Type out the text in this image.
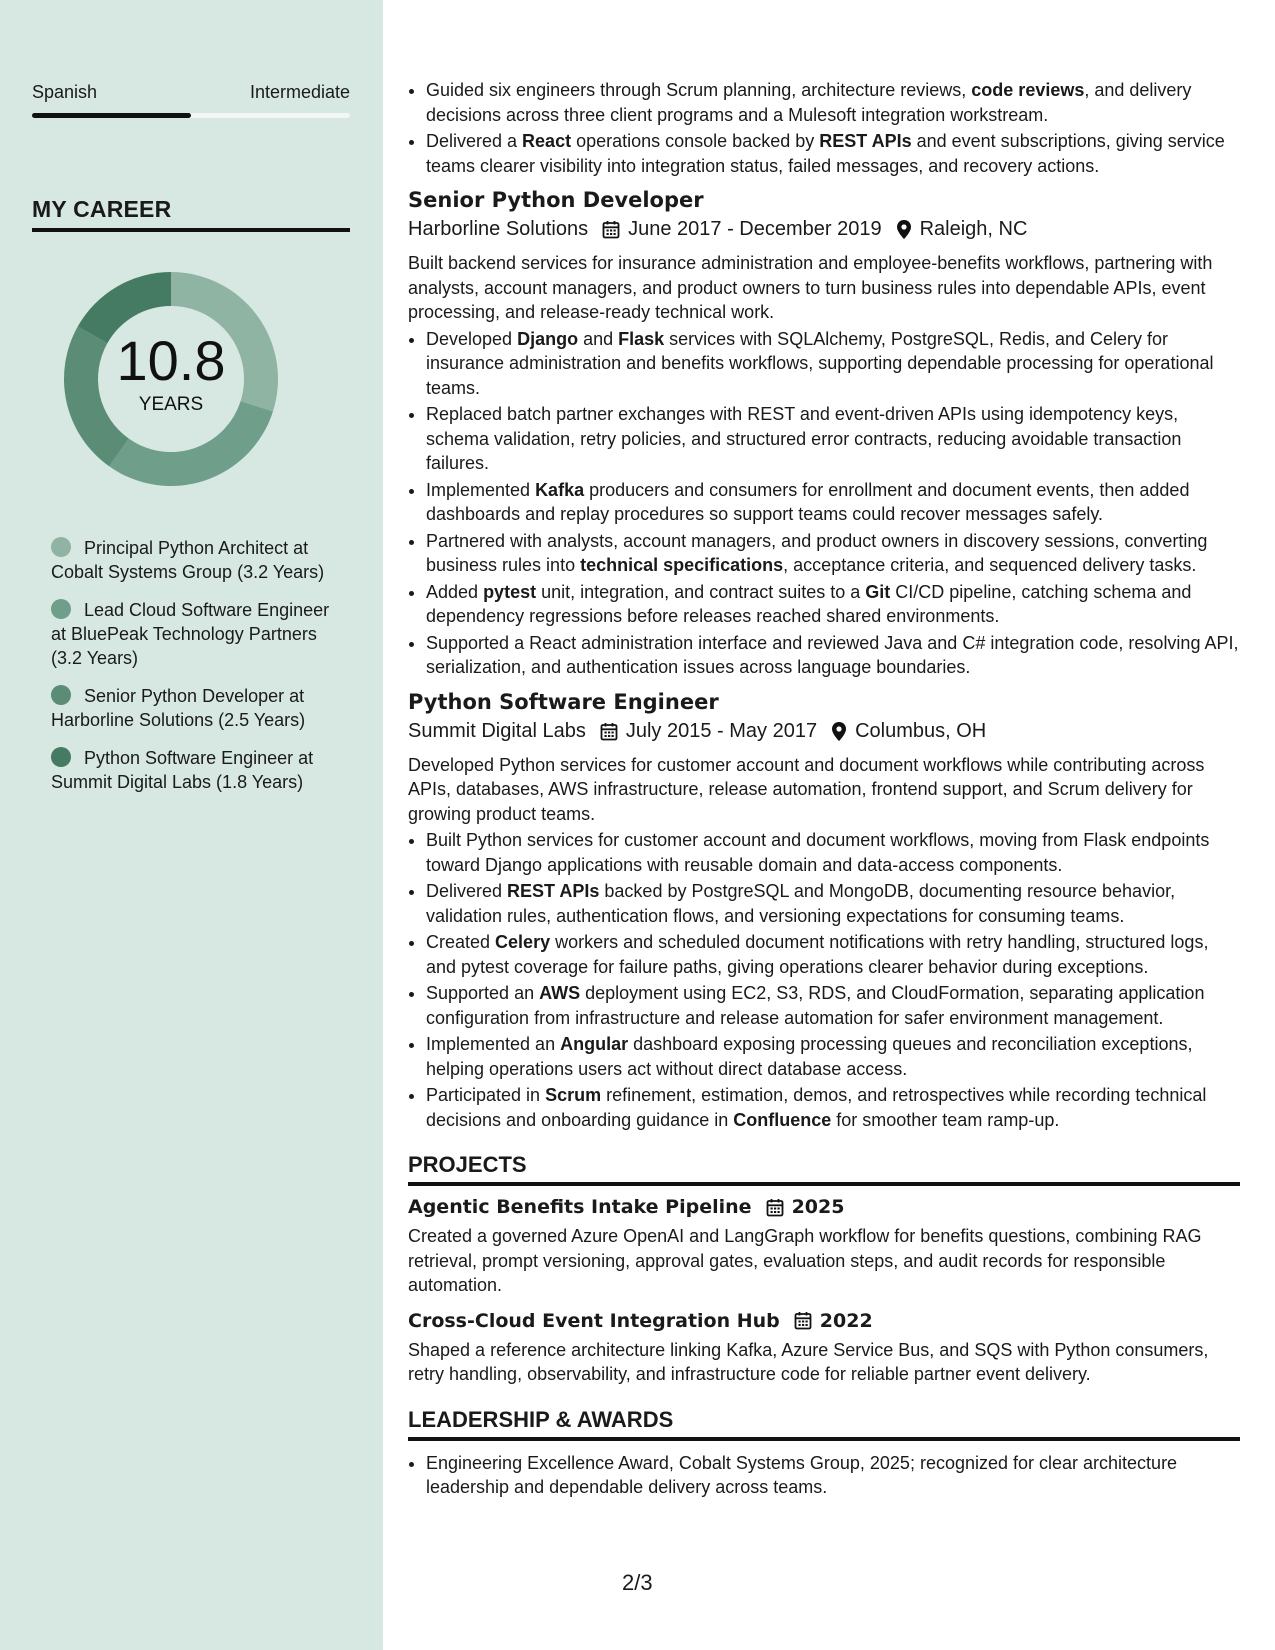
Spanish	Intermediate
MY CAREER
10.8
YEARS
Principal Python Architect at Cobalt Systems Group (3.2 Years)
Lead Cloud Software Engineer at BluePeak Technology Partners (3.2 Years)
Senior Python Developer at Harborline Solutions (2.5 Years)
Python Software Engineer at Summit Digital Labs (1.8 Years)
• Guided six engineers through Scrum planning, architecture reviews, code reviews, and delivery decisions across three client programs and a Mulesoft integration workstream.
• Delivered a React operations console backed by REST APIs and event subscriptions, giving service teams clearer visibility into integration status, failed messages, and recovery actions.
Senior Python Developer
Harborline Solutions June 2017 - December 2019 Raleigh, NC
Built backend services for insurance administration and employee-benefits workflows, partnering with analysts, account managers, and product owners to turn business rules into dependable APIs, event processing, and release-ready technical work.
• Developed Django and Flask services with SQLAlchemy, PostgreSQL, Redis, and Celery for insurance administration and benefits workflows, supporting dependable processing for operational teams.
• Replaced batch partner exchanges with REST and event-driven APIs using idempotency keys, schema validation, retry policies, and structured error contracts, reducing avoidable transaction failures.
• Implemented Kafka producers and consumers for enrollment and document events, then added dashboards and replay procedures so support teams could recover messages safely.
• Partnered with analysts, account managers, and product owners in discovery sessions, converting business rules into technical specifications, acceptance criteria, and sequenced delivery tasks.
• Added pytest unit, integration, and contract suites to a Git CI/CD pipeline, catching schema and dependency regressions before releases reached shared environments.
• Supported a React administration interface and reviewed Java and C# integration code, resolving API, serialization, and authentication issues across language boundaries.
Python Software Engineer
Summit Digital Labs July 2015 - May 2017 Columbus, OH
Developed Python services for customer account and document workflows while contributing across APIs, databases, AWS infrastructure, release automation, frontend support, and Scrum delivery for growing product teams.
• Built Python services for customer account and document workflows, moving from Flask endpoints toward Django applications with reusable domain and data-access components.
• Delivered REST APIs backed by PostgreSQL and MongoDB, documenting resource behavior, validation rules, authentication flows, and versioning expectations for consuming teams.
• Created Celery workers and scheduled document notifications with retry handling, structured logs, and pytest coverage for failure paths, giving operations clearer behavior during exceptions.
• Supported an AWS deployment using EC2, S3, RDS, and CloudFormation, separating application configuration from infrastructure and release automation for safer environment management.
• Implemented an Angular dashboard exposing processing queues and reconciliation exceptions, helping operations users act without direct database access.
• Participated in Scrum refinement, estimation, demos, and retrospectives while recording technical decisions and onboarding guidance in Confluence for smoother team ramp-up.
PROJECTS
Agentic Benefits Intake Pipeline 2025
Created a governed Azure OpenAI and LangGraph workflow for benefits questions, combining RAG retrieval, prompt versioning, approval gates, evaluation steps, and audit records for responsible automation.
Cross-Cloud Event Integration Hub 2022
Shaped a reference architecture linking Kafka, Azure Service Bus, and SQS with Python consumers, retry handling, observability, and infrastructure code for reliable partner event delivery.
LEADERSHIP & AWARDS
• Engineering Excellence Award, Cobalt Systems Group, 2025; recognized for clear architecture leadership and dependable delivery across teams.
2/3
